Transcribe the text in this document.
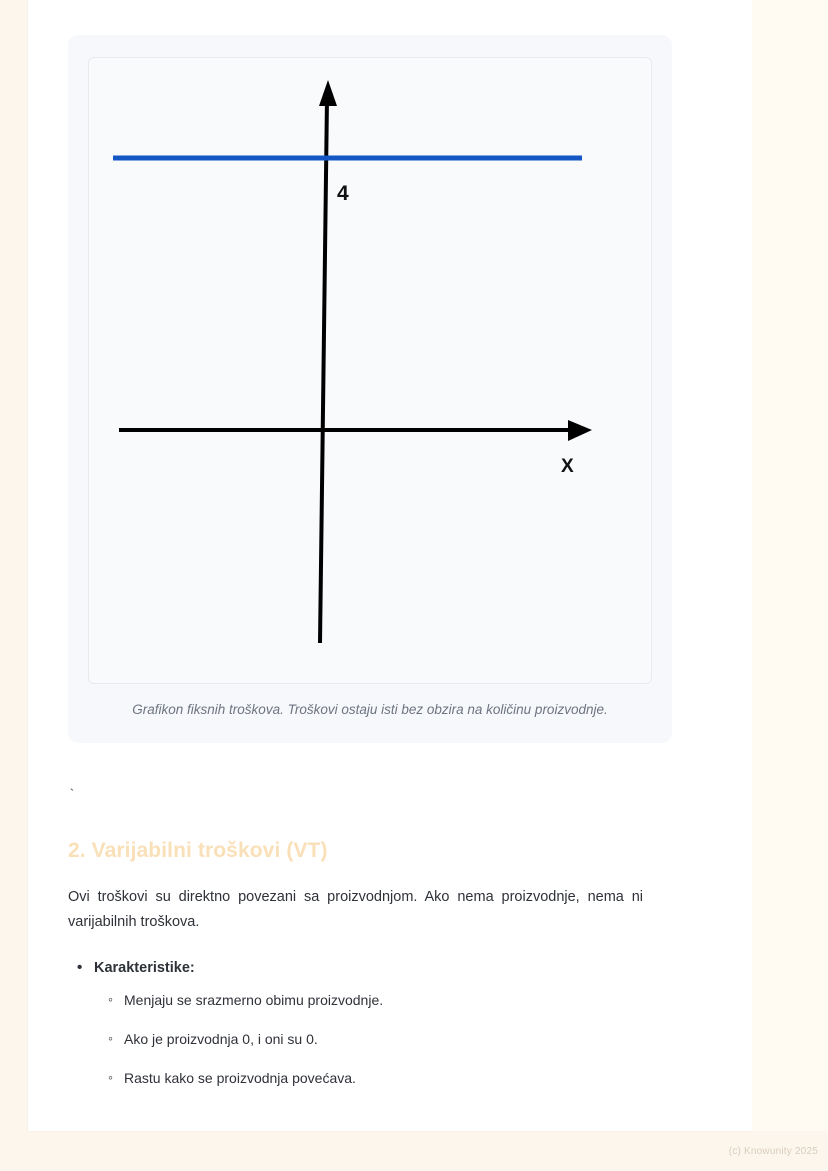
4
X
Grafikon fiksnih troškova. Troškovi ostaju isti bez obzira na količinu proizvodnje.
`
2. Varijabilni troškovi (VT)

Ovi troškovi su direktno povezani sa proizvodnjom. Ako nema proizvodnje, nema ni varijabilnih troškova.

• Karakteristike:
◦ Menjaju se srazmerno obimu proizvodnje.
◦ Ako je proizvodnja 0, i oni su 0.
◦ Rastu kako se proizvodnja povećava.
(c) Knowunity 2025
